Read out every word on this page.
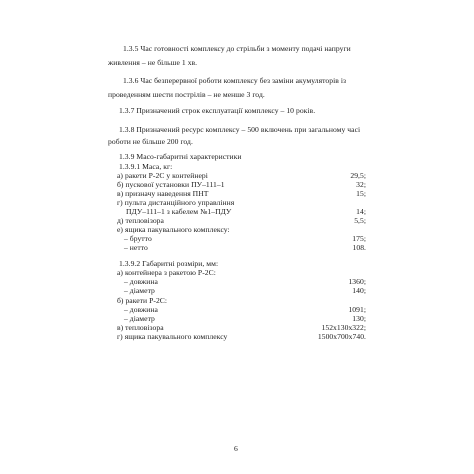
1.3.5 Час готовності комплексу до стрільби з моменту подачі напруги
живлення – не більше 1 хв.
1.3.6 Час безперервної роботи комплексу без заміни акумуляторів із
проведенням шести пострілів – не менше 3 год.
1.3.7 Призначений строк експлуатації комплексу – 10 років.
1.3.8 Призначений ресурс комплексу – 500 включень при загальному часі
роботи не більше 200 год.
1.3.9 Масо-габаритні характеристики
1.3.9.1 Маса, кг:
а) ракети Р-2С у контейнері	29,5;
б) пускової установки ПУ–111–1	32;
в) призначу наведення ПНТ	15;
г) пульта дистанційного управління
ПДУ–111–1 з кабелем №1–ПДУ	14;
д) тепловізора	5,5;
е) ящика пакувального комплексу:
– брутто	175;
– нетто	108.
1.3.9.2 Габаритні розміри, мм:
а) контейнера з ракетою Р-2С:
– довжина	1360;
– діаметр	140;
б) ракети Р-2С:
– довжина	1091;
– діаметр	130;
в) тепловізора	152х130х322;
г) ящика пакувального комплексу	1500х700х740.
6
